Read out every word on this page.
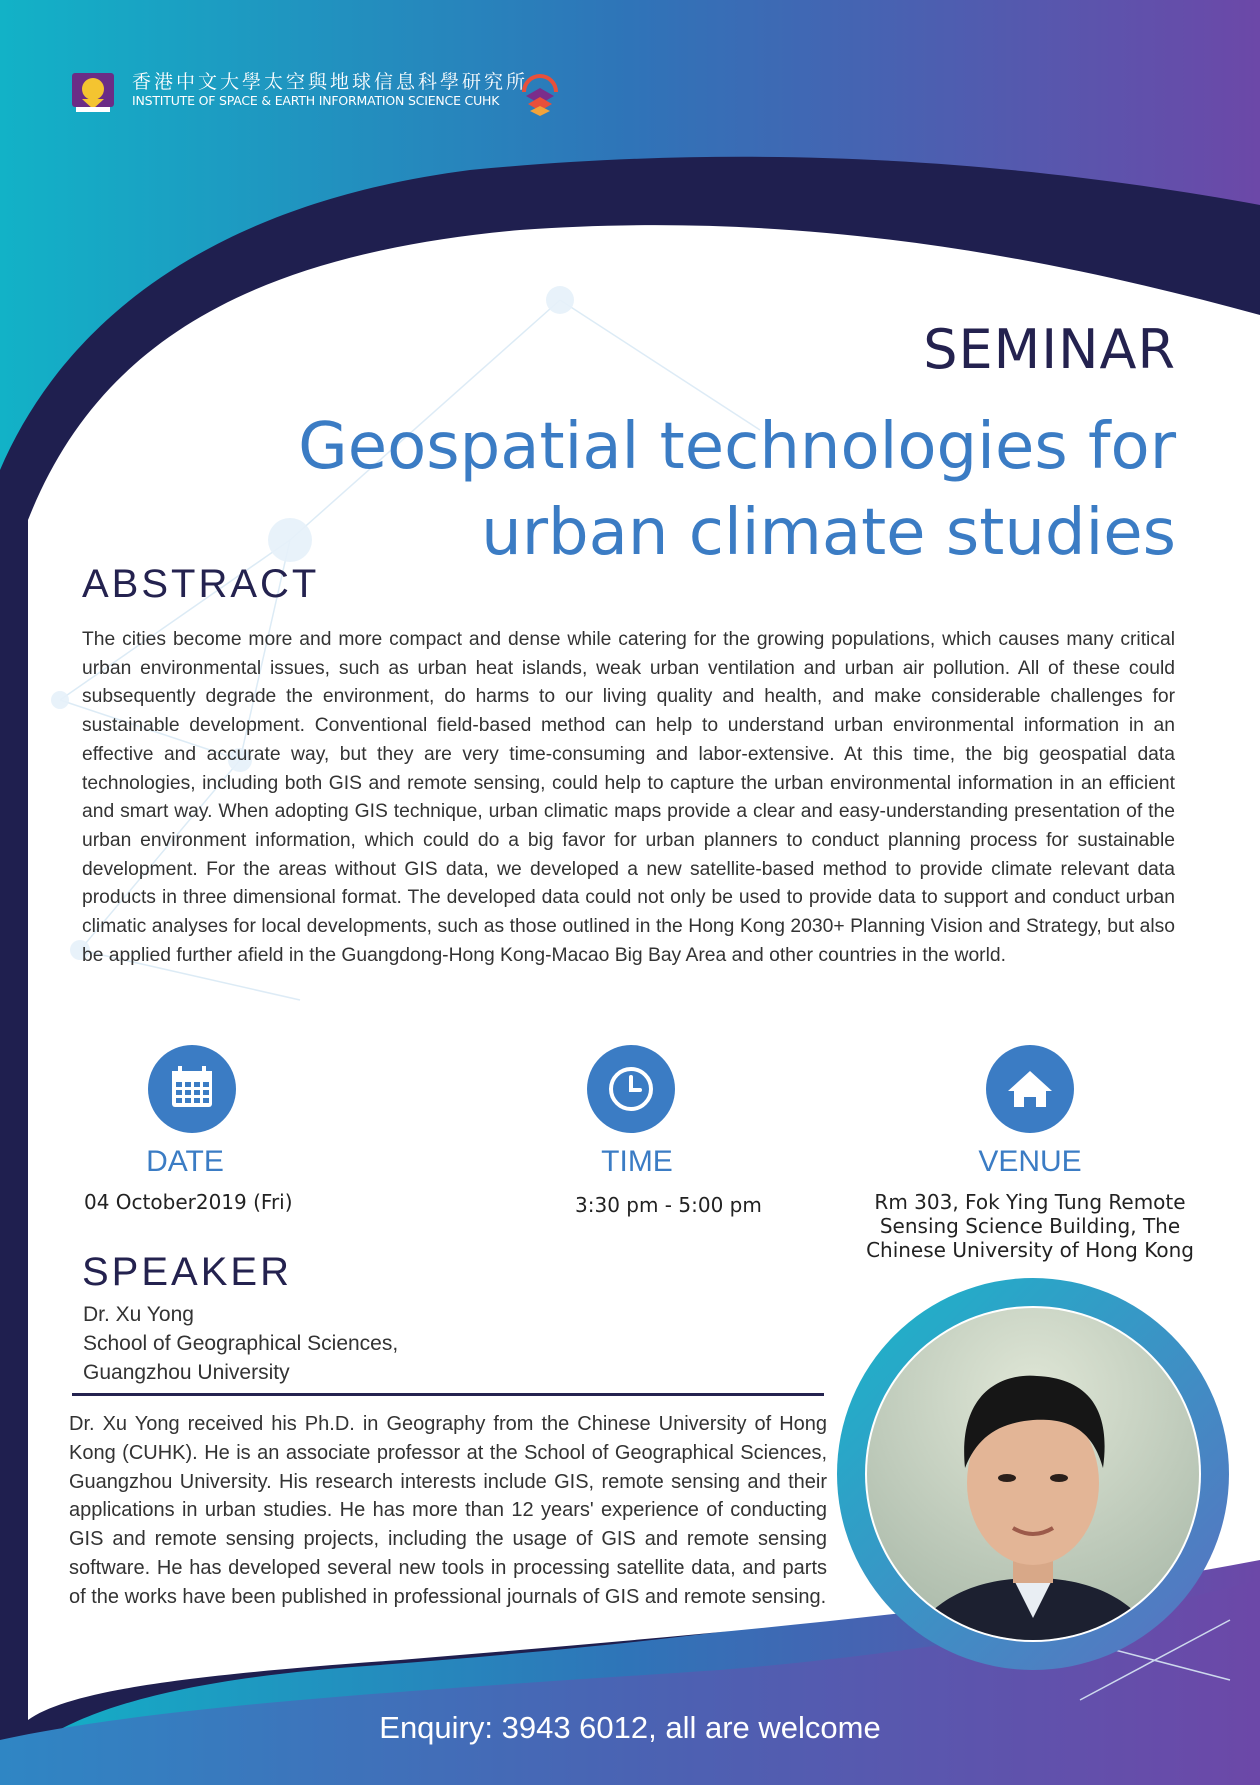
香港中文大學太空與地球信息科學研究所
INSTITUTE OF SPACE & EARTH INFORMATION SCIENCE CUHK
SEMINAR
Geospatial technologies for urban climate studies
ABSTRACT
The cities become more and more compact and dense while catering for the growing populations, which causes many critical urban environmental issues, such as urban heat islands, weak urban ventilation and urban air pollution. All of these could subsequently degrade the environment, do harms to our living quality and health, and make considerable challenges for sustainable development. Conventional field-based method can help to understand urban environmental information in an effective and accurate way, but they are very time-consuming and labor-extensive. At this time, the big geospatial data technologies, including both GIS and remote sensing, could help to capture the urban environmental information in an efficient and smart way. When adopting GIS technique, urban climatic maps provide a clear and easy-understanding presentation of the urban environment information, which could do a big favor for urban planners to conduct planning process for sustainable development. For the areas without GIS data, we developed a new satellite-based method to provide climate relevant data products in three dimensional format. The developed data could not only be used to provide data to support and conduct urban climatic analyses for local developments, such as those outlined in the Hong Kong 2030+ Planning Vision and Strategy, but also be applied further afield in the Guangdong-Hong Kong-Macao Big Bay Area and other countries in the world.
DATE	TIME	VENUE
04 October2019 (Fri)	3:30 pm - 5:00 pm	Rm 303, Fok Ying Tung Remote Sensing Science Building, The Chinese University of Hong Kong
SPEAKER
Dr. Xu Yong
School of Geographical Sciences,
Guangzhou University
Dr. Xu Yong received his Ph.D. in Geography from the Chinese University of Hong Kong (CUHK). He is an associate professor at the School of Geographical Sciences, Guangzhou University. His research interests include GIS, remote sensing and their applications in urban studies. He has more than 12 years' experience of conducting GIS and remote sensing projects, including the usage of GIS and remote sensing software. He has developed several new tools in processing satellite data, and parts of the works have been published in professional journals of GIS and remote sensing.
Enquiry: 3943 6012, all are welcome
